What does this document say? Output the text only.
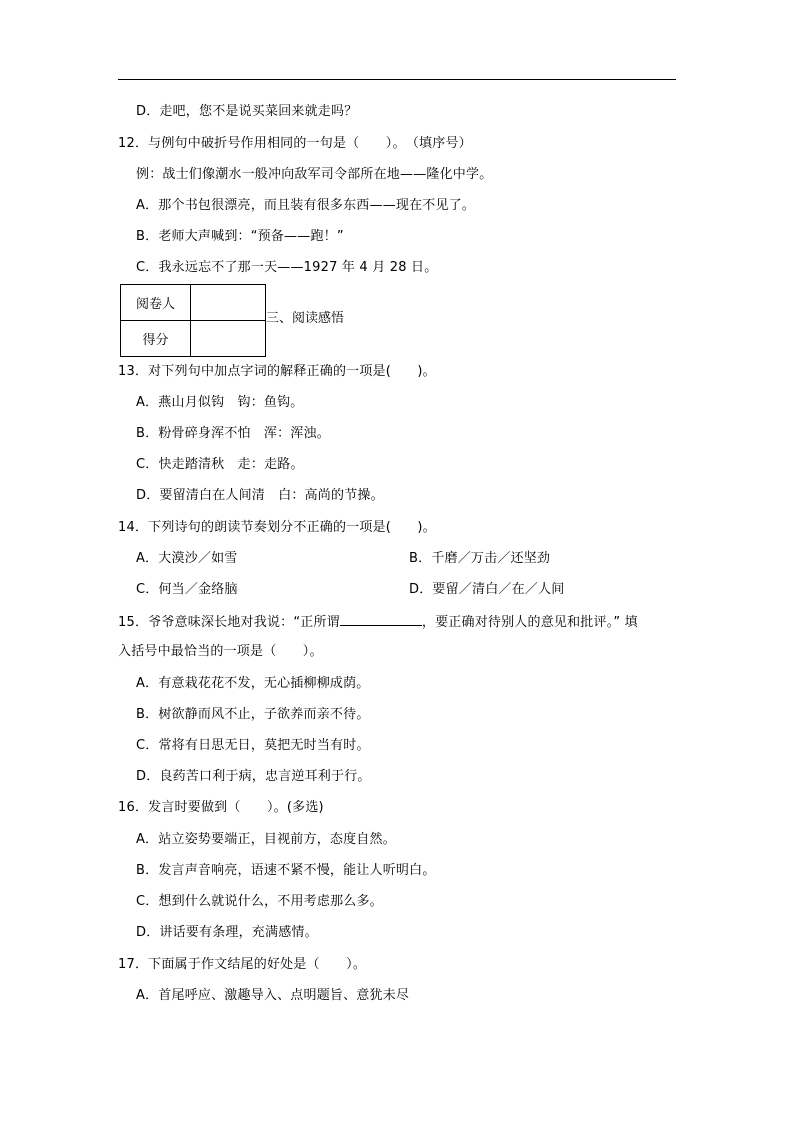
D．走吧，您不是说买菜回来就走吗？
12．与例句中破折号作用相同的一句是（　　）。　（填序号）
例：战士们像潮水一般冲向敌军司令部所在地——隆化中学。
A．那个书包很漂亮，而且装有很多东西——现在不见了。
B．老师大声喊到：“预备——跑！”
C．我永远忘不了那一天——1927 年 4 月 28 日。
阅卷人	
得分	
三、阅读感悟
13．对下列句中加点字词的解释正确的一项是(　　)。
A．燕山月似钩　钩：鱼钩。
B．粉骨碎身浑不怕　浑：浑浊。
C．快走踏清秋　走：走路。
D．要留清白在人间清　白：高尚的节操。
14．下列诗句的朗读节奏划分不正确的一项是(　　)。
A．大漠沙／如雪	B．千磨／万击／还坚劲
C．何当／金络脑	D．要留／清白／在／人间
15．爷爷意味深长地对我说：“正所谓	，要正确对待别人的意见和批评。” 填
入括号中最恰当的一项是（　　）。
A．有意栽花花不发，无心插柳柳成荫。
B．树欲静而风不止，子欲养而亲不待。
C．常将有日思无日，莫把无时当有时。
D．良药苦口利于病，忠言逆耳利于行。
16．发言时要做到（　　）。(多选)
A．站立姿势要端正，目视前方，态度自然。
B．发言声音响亮，语速不紧不慢，能让人听明白。
C．想到什么就说什么，不用考虑那么多。
D．讲话要有条理，充满感情。
17．下面属于作文结尾的好处是（　　）。
A．首尾呼应、激趣导入、点明题旨、意犹未尽
